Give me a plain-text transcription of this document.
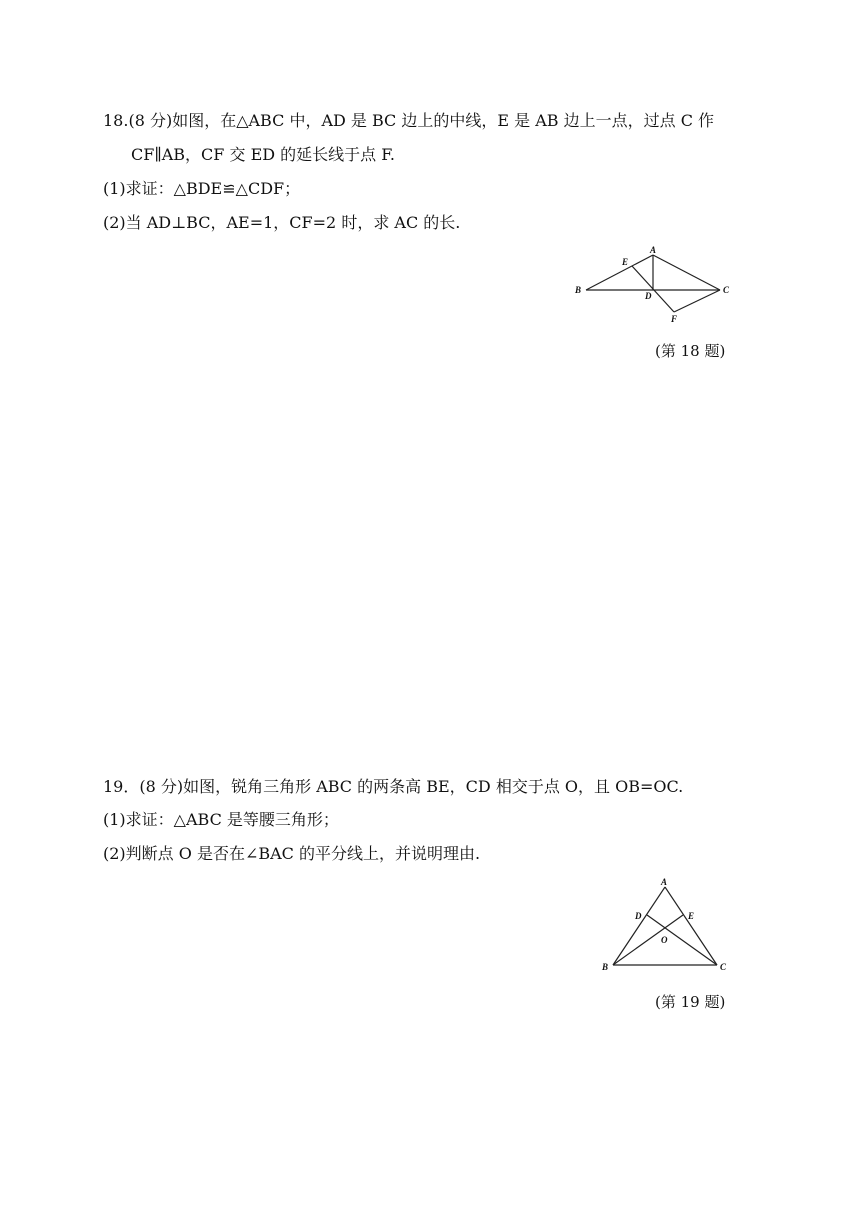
18.(8 分)如图，在△ABC 中，AD 是 BC 边上的中线，E 是 AB 边上一点，过点 C 作
CF∥AB，CF 交 ED 的延长线于点 F.
(1)求证：△BDE≌△CDF；
(2)当 AD⊥BC，AE=1，CF=2 时，求 AC 的长.
A
E
B
D
C
F
(第 18 题)
19．(8 分)如图，锐角三角形 ABC 的两条高 BE，CD 相交于点 O，且 OB=OC.
(1)求证：△ABC 是等腰三角形；
(2)判断点 O 是否在∠BAC 的平分线上，并说明理由.
A
D	E
O
B	C
(第 19 题)
